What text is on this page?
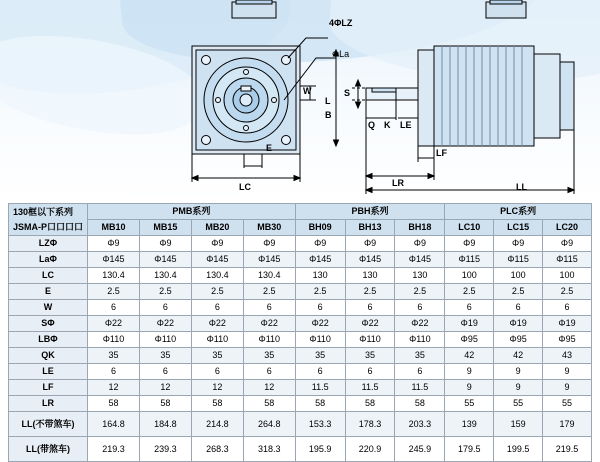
4ΦLZ
ΦLa
W
E
LC
S
L
B
Q K LE
LF
LR	LL
130框以下系列
JSMA-P口口口口	PMB系列				PBH系列			PLC系列		
	MB10	MB15	MB20	MB30	BH09	BH13	BH18	LC10	LC15	LC20
LZΦ	Φ9	Φ9	Φ9	Φ9	Φ9	Φ9	Φ9	Φ9	Φ9	Φ9
LaΦ	Φ145	Φ145	Φ145	Φ145	Φ145	Φ145	Φ145	Φ115	Φ115	Φ115
LC	130.4	130.4	130.4	130.4	130	130	130	100	100	100
E	2.5	2.5	2.5	2.5	2.5	2.5	2.5	2.5	2.5	2.5
W	6	6	6	6	6	6	6	6	6	6
SΦ	Φ22	Φ22	Φ22	Φ22	Φ22	Φ22	Φ22	Φ19	Φ19	Φ19
LBΦ	Φ110	Φ110	Φ110	Φ110	Φ110	Φ110	Φ110	Φ95	Φ95	Φ95
QK	35	35	35	35	35	35	35	42	42	43
LE	6	6	6	6	6	6	6	9	9	9
LF	12	12	12	12	11.5	11.5	11.5	9	9	9
LR	58	58	58	58	58	58	58	55	55	55
LL(不带煞车)	164.8	184.8	214.8	264.8	153.3	178.3	203.3	139	159	179
LL(带煞车)	219.3	239.3	268.3	318.3	195.9	220.9	245.9	179.5	199.5	219.5
